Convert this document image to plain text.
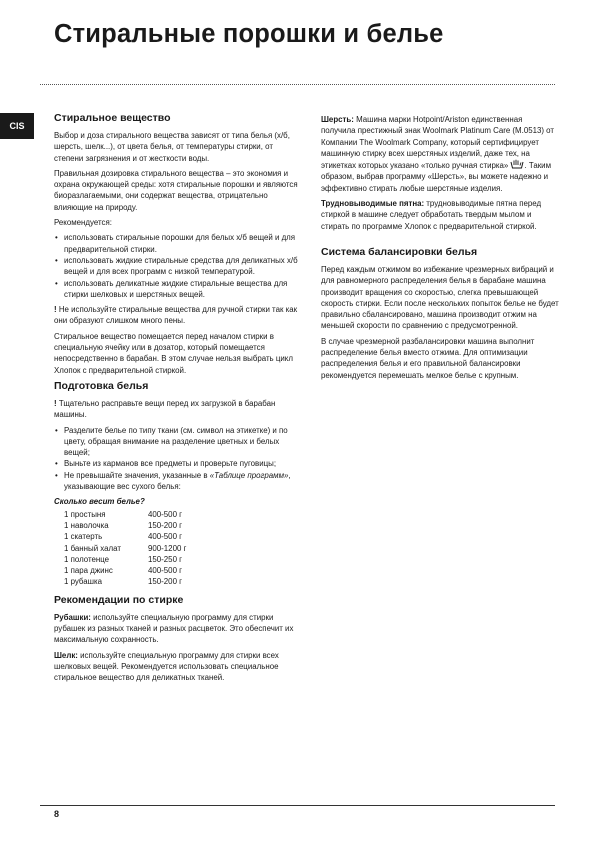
Стиральные порошки и белье
CIS
Стиральное вещество

Выбор и доза стирального вещества зависят от типа белья (х/б, шерсть, шелк...), от цвета белья, от температуры стирки, от степени загрязнения и от жесткости воды.

Правильная дозировка стирального вещества – это экономия и охрана окружающей среды: хотя стиральные порошки и являются биоразлагаемыми, они содержат вещества, отрицательно влияющие на природу.

Рекомендуется:

• использовать стиральные порошки для белых х/б вещей и для предварительной стирки.
• использовать жидкие стиральные средства для деликатных х/б вещей и для всех программ с низкой температурой.
• использовать деликатные жидкие стиральные вещества для стирки шелковых и шерстяных вещей.

! Не используйте стиральные вещества для ручной стирки так как они образуют слишком много пены.

Стиральное вещество помещается перед началом стирки в специальную ячейку или в дозатор, который помещается непосредственно в барабан. В этом случае нельзя выбрать цикл Хлопок с предварительной стиркой.

Подготовка белья

! Тщательно расправьте вещи перед их загрузкой в барабан машины.

• Разделите белье по типу ткани (см. символ на этикетке) и по цвету, обращая внимание на разделение цветных и белых вещей;
• Выньте из карманов все предметы и проверьте пуговицы;
• Не превышайте значения, указанные в «Таблице программ», указывающие вес сухого белья:

Сколько весит белье?

1 простыня	400-500 г
1 наволочка	150-200 г
1 скатерть	400-500 г
1 банный халат	900-1200 г
1 полотенце	150-250 г
1 пара джинс	400-500 г
1 рубашка	150-200 г
Рекомендации по стирке

Рубашки: используйте специальную программу для стирки рубашек из разных тканей и разных расцветок. Это обеспечит их максимальную сохранность.

Шелк: используйте специальную программу для стирки всех шелковых вещей. Рекомендуется использовать специальное стиральное вещество для деликатных тканей.

Шерсть: Машина марки Hotpoint/Ariston единственная получила престижный знак Woolmark Platinum Care (M.0513) от Компании The Woolmark Company, который сертифицирует машинную стирку всех шерстяных изделий, даже тех, на этикетках которых указано «только ручная стирка» . Таким образом, выбрав программу «Шерсть», вы можете надежно и эффективно стирать любые шерстяные изделия.

Трудновыводимые пятна: трудновыводимые пятна перед стиркой в машине следует обработать твердым мылом и стирать по программе Хлопок с предварительной стиркой.

Система балансировки белья

Перед каждым отжимом во избежание чрезмерных вибраций и для равномерного распределения белья в барабане машина производит вращения со скоростью, слегка превышающей скорость стирки. Если после нескольких попыток белье не будет правильно сбалансировано, машина производит отжим на меньшей скорости по сравнению с предусмотренной.

В случае чрезмерной разбалансировки машина выполнит распределение белья вместо отжима. Для оптимизации распределения белья и его правильной балансировки рекомендуется перемешать мелкое белье с крупным.

8
